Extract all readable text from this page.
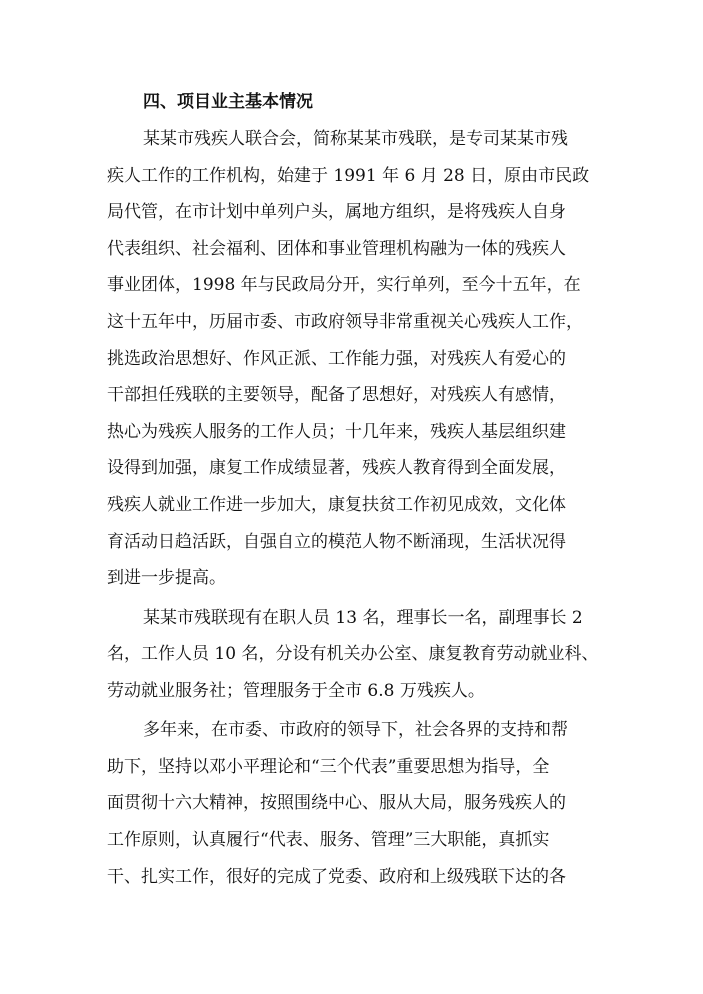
四、项目业主基本情况
某某市残疾人联合会，简称某某市残联，是专司某某市残
疾人工作的工作机构，始建于 1991 年 6 月 28 日，原由市民政
局代管，在市计划中单列户头，属地方组织，是将残疾人自身
代表组织、社会福利、团体和事业管理机构融为一体的残疾人
事业团体，1998 年与民政局分开，实行单列，至今十五年，在
这十五年中，历届市委、市政府领导非常重视关心残疾人工作，
挑选政治思想好、作风正派、工作能力强，对残疾人有爱心的
干部担任残联的主要领导，配备了思想好，对残疾人有感情，
热心为残疾人服务的工作人员；十几年来，残疾人基层组织建
设得到加强，康复工作成绩显著，残疾人教育得到全面发展，
残疾人就业工作进一步加大，康复扶贫工作初见成效，文化体
育活动日趋活跃，自强自立的模范人物不断涌现，生活状况得
到进一步提高。
某某市残联现有在职人员 13 名，理事长一名，副理事长 2
名，工作人员 10 名，分设有机关办公室、康复教育劳动就业科、
劳动就业服务社；管理服务于全市 6.8 万残疾人。
多年来，在市委、市政府的领导下，社会各界的支持和帮
助下，坚持以邓小平理论和“三个代表”重要思想为指导，全
面贯彻十六大精神，按照围绕中心、服从大局，服务残疾人的
工作原则，认真履行“代表、服务、管理”三大职能，真抓实
干、扎实工作，很好的完成了党委、政府和上级残联下达的各
